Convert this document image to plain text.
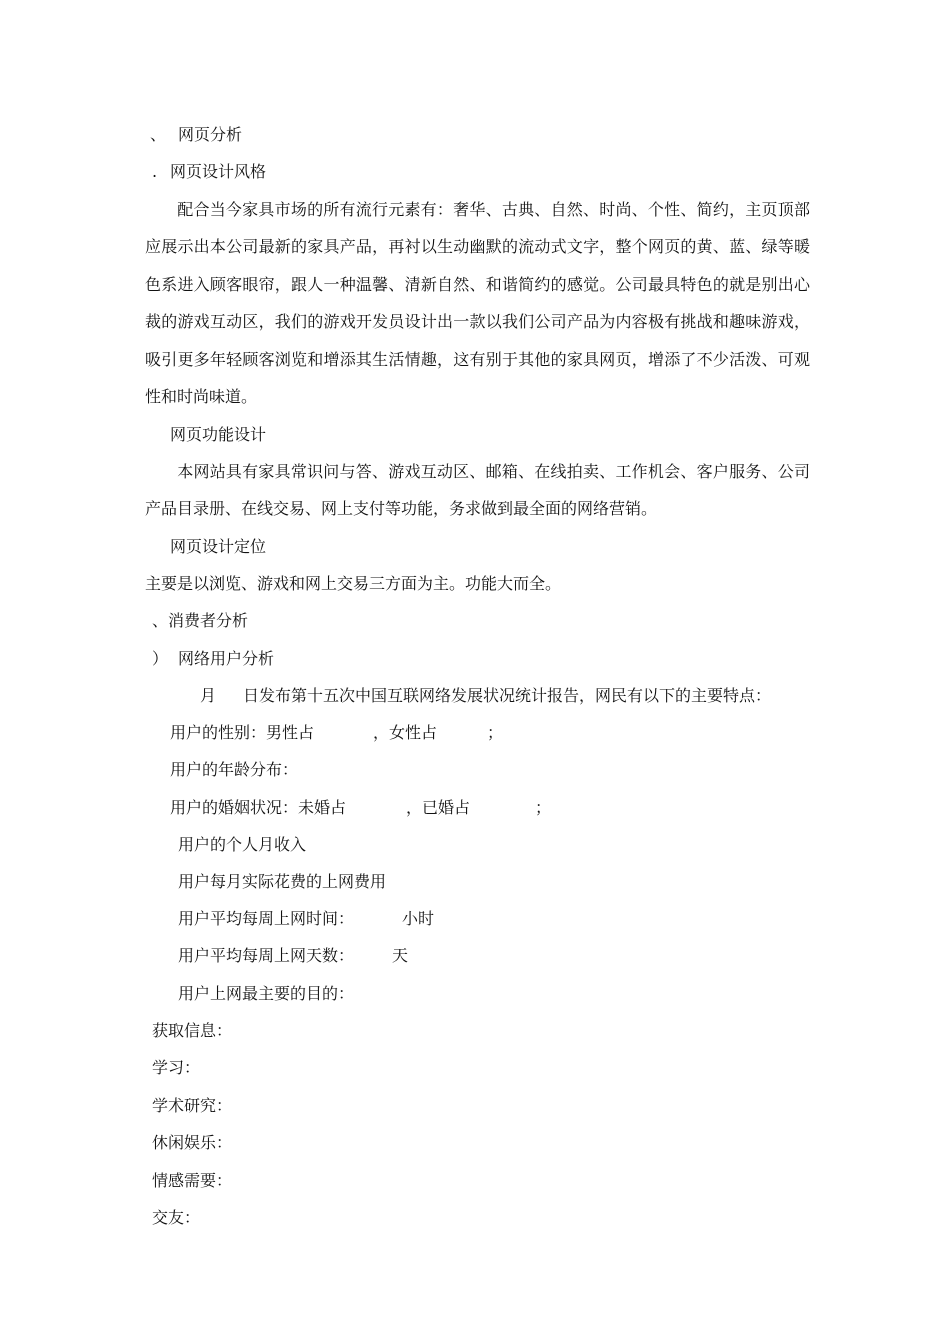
、 网页分析
. 网页设计风格
配合当今家具市场的所有流行元素有：奢华、古典、自然、时尚、个性、简约，主页顶部应展示出本公司最新的家具产品，再衬以生动幽默的流动式文字，整个网页的黄、蓝、绿等暖色系进入顾客眼帘，跟人一种温馨、清新自然、和谐简约的感觉。公司最具特色的就是别出心裁的游戏互动区，我们的游戏开发员设计出一款以我们公司产品为内容极有挑战和趣味游戏，吸引更多年轻顾客浏览和增添其生活情趣，这有别于其他的家具网页，增添了不少活泼、可观性和时尚味道。
网页功能设计
本网站具有家具常识问与答、游戏互动区、邮箱、在线拍卖、工作机会、客户服务、公司产品目录册、在线交易、网上支付等功能，务求做到最全面的网络营销。
网页设计定位
主要是以浏览、游戏和网上交易三方面为主。功能大而全。
、消费者分析
） 网络用户分析
月 日发布第十五次中国互联网络发展状况统计报告，网民有以下的主要特点：
用户的性别：男性占	，女性占	；
用户的年龄分布：
用户的婚姻状况：未婚占	，已婚占	；
用户的个人月收入
用户每月实际花费的上网费用
用户平均每周上网时间：	小时
用户平均每周上网天数： 天
用户上网最主要的目的：
获取信息：
学习：
学术研究：
休闲娱乐：
情感需要：
交友：
